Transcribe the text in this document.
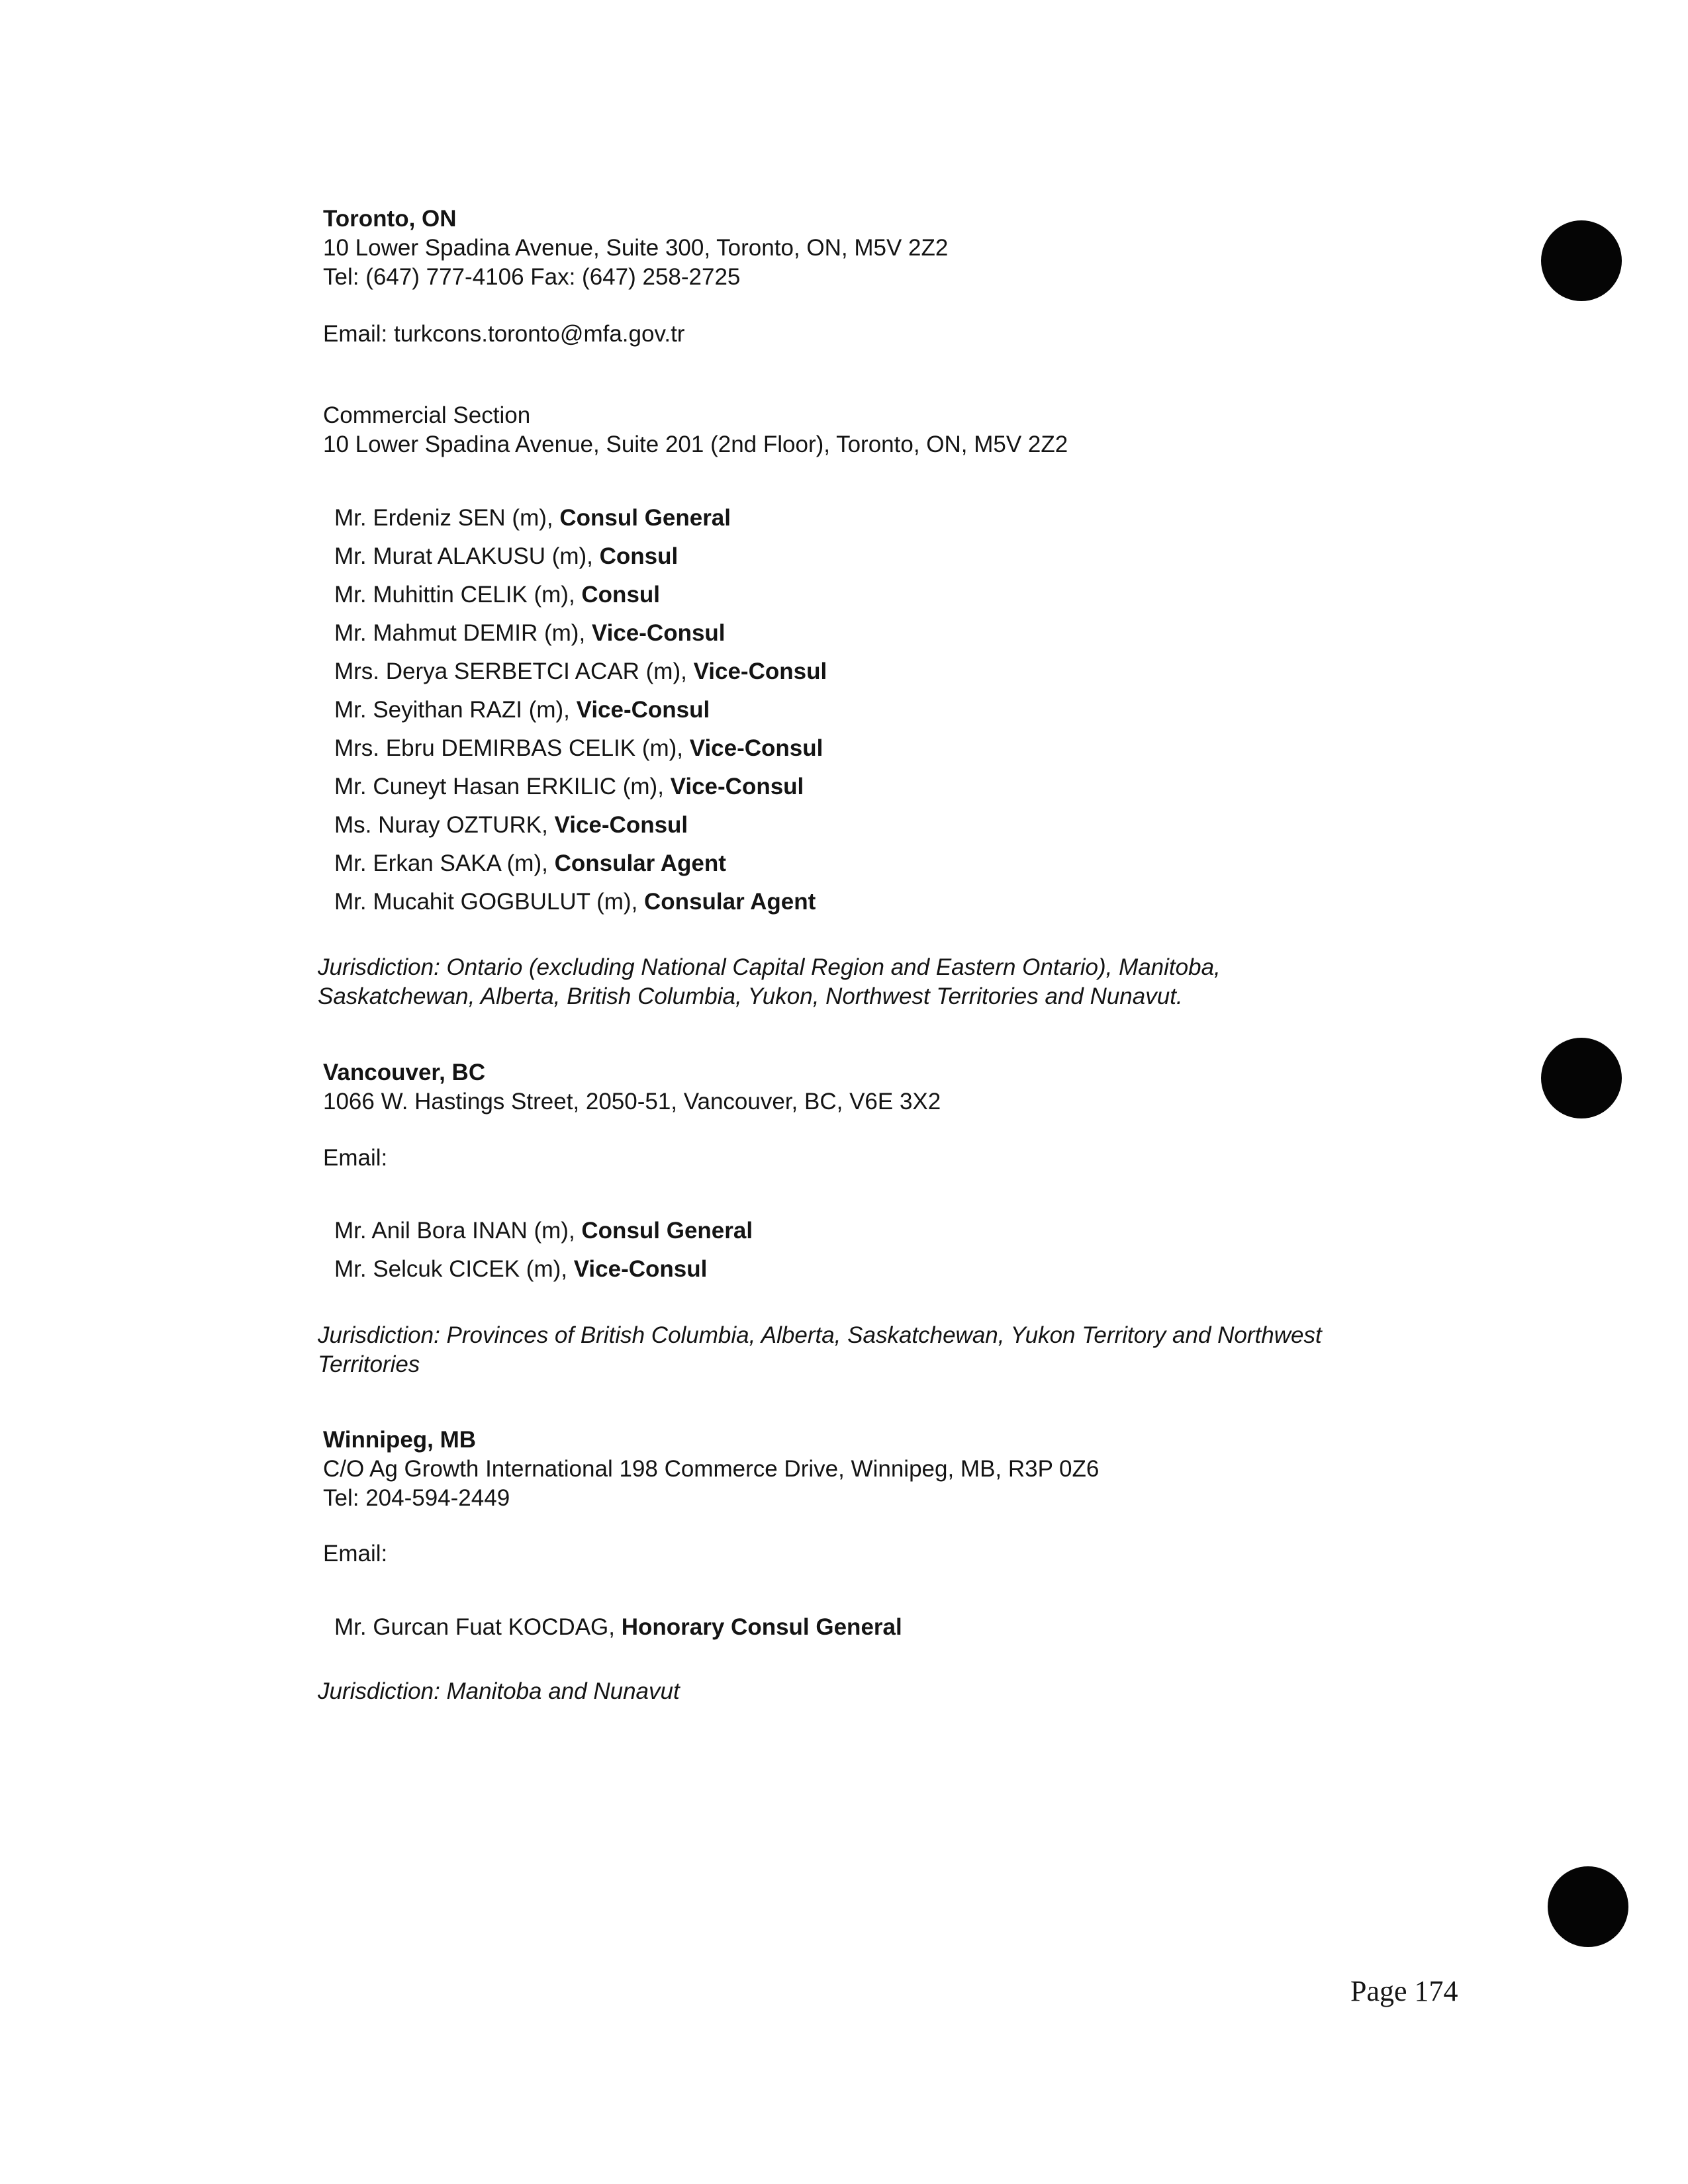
Toronto, ON
10 Lower Spadina Avenue, Suite 300, Toronto, ON, M5V 2Z2
Tel: (647) 777-4106 Fax: (647) 258-2725
Email: turkcons.toronto@mfa.gov.tr
Commercial Section
10 Lower Spadina Avenue, Suite 201 (2nd Floor), Toronto, ON, M5V 2Z2
Mr. Erdeniz SEN (m), Consul General
Mr. Murat ALAKUSU (m), Consul
Mr. Muhittin CELIK (m), Consul
Mr. Mahmut DEMIR (m), Vice-Consul
Mrs. Derya SERBETCI ACAR (m), Vice-Consul
Mr. Seyithan RAZI (m), Vice-Consul
Mrs. Ebru DEMIRBAS CELIK (m), Vice-Consul
Mr. Cuneyt Hasan ERKILIC (m), Vice-Consul
Ms. Nuray OZTURK, Vice-Consul
Mr. Erkan SAKA (m), Consular Agent
Mr. Mucahit GOGBULUT (m), Consular Agent
Jurisdiction: Ontario (excluding National Capital Region and Eastern Ontario), Manitoba,
Saskatchewan, Alberta, British Columbia, Yukon, Northwest Territories and Nunavut.
Vancouver, BC
1066 W. Hastings Street, 2050-51, Vancouver, BC, V6E 3X2
Email:
Mr. Anil Bora INAN (m), Consul General
Mr. Selcuk CICEK (m), Vice-Consul
Jurisdiction: Provinces of British Columbia, Alberta, Saskatchewan, Yukon Territory and Northwest
Territories
Winnipeg, MB
C/O Ag Growth International 198 Commerce Drive, Winnipeg, MB, R3P 0Z6
Tel: 204-594-2449
Email:
Mr. Gurcan Fuat KOCDAG, Honorary Consul General
Jurisdiction: Manitoba and Nunavut
Page 174
